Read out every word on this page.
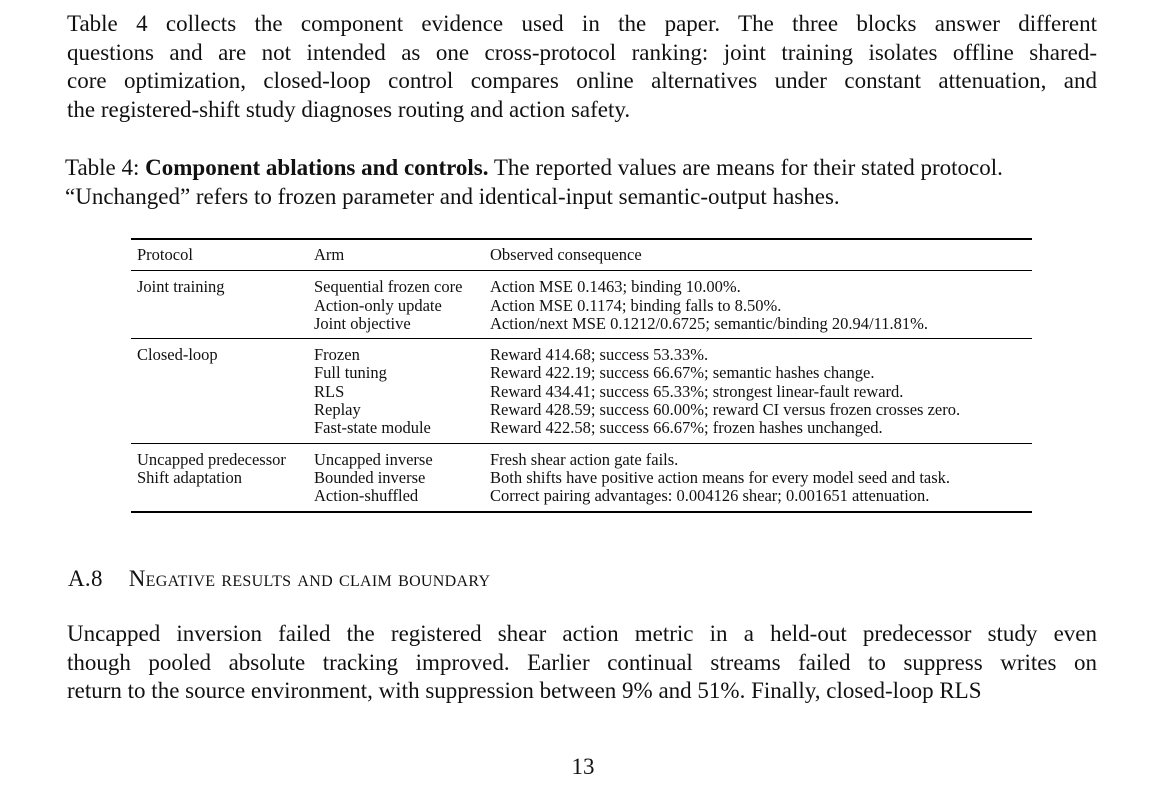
Table 4 collects the component evidence used in the paper. The three blocks answer different
questions and are not intended as one cross-protocol ranking: joint training isolates offline shared-
core optimization, closed-loop control compares online alternatives under constant attenuation, and
the registered-shift study diagnoses routing and action safety.
Table 4: Component ablations and controls. The reported values are means for their stated protocol.
“Unchanged” refers to frozen parameter and identical-input semantic-output hashes.
Protocol	Arm	Observed consequence
Joint training	Sequential frozen core	Action MSE 0.1463; binding 10.00%.
	Action-only update	Action MSE 0.1174; binding falls to 8.50%.
	Joint objective	Action/next MSE 0.1212/0.6725; semantic/binding 20.94/11.81%.
Closed-loop	Frozen	Reward 414.68; success 53.33%.
	Full tuning	Reward 422.19; success 66.67%; semantic hashes change.
	RLS	Reward 434.41; success 65.33%; strongest linear-fault reward.
	Replay	Reward 428.59; success 60.00%; reward CI versus frozen crosses zero.
	Fast-state module	Reward 422.58; success 66.67%; frozen hashes unchanged.
Uncapped predecessor	Uncapped inverse	Fresh shear action gate fails.
Shift adaptation	Bounded inverse	Both shifts have positive action means for every model seed and task.
	Action-shuffled	Correct pairing advantages: 0.004126 shear; 0.001651 attenuation.
A.8 Negative results and claim boundary
Uncapped inversion failed the registered shear action metric in a held-out predecessor study even
though pooled absolute tracking improved. Earlier continual streams failed to suppress writes on
return to the source environment, with suppression between 9% and 51%. Finally, closed-loop RLS
13
